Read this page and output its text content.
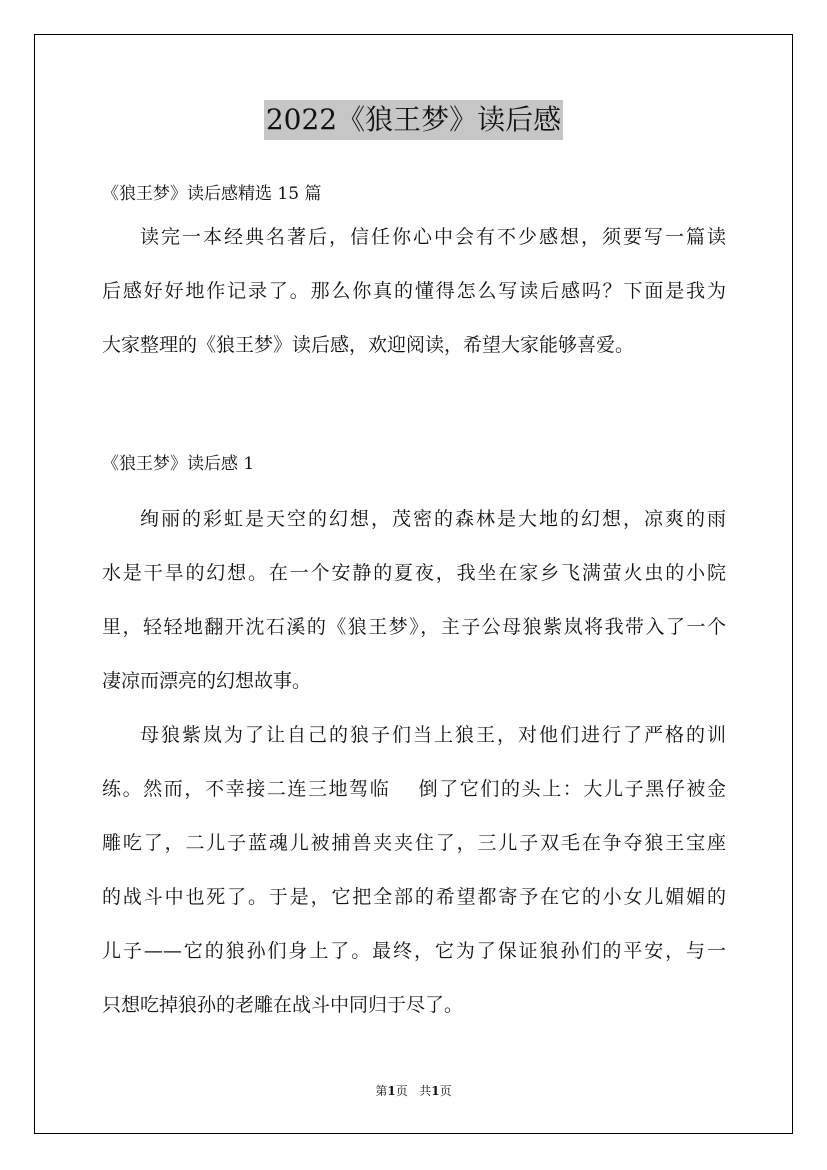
2022《狼王梦》读后感
《狼王梦》读后感精选 15 篇

读完一本经典名著后，信任你心中会有不少感想，须要写一篇读
后感好好地作记录了。那么你真的懂得怎么写读后感吗？下面是我为
大家整理的《狼王梦》读后感，欢迎阅读，希望大家能够喜爱。

《狼王梦》读后感 1

绚丽的彩虹是天空的幻想，茂密的森林是大地的幻想，凉爽的雨
水是干旱的幻想。在一个安静的夏夜，我坐在家乡飞满萤火虫的小院
里，轻轻地翻开沈石溪的《狼王梦》，主子公母狼紫岚将我带入了一个
凄凉而漂亮的幻想故事。

母狼紫岚为了让自己的狼子们当上狼王，对他们进行了严格的训
练。然而，不幸接二连三地驾临　 倒了它们的头上：大儿子黑仔被金
雕吃了，二儿子蓝魂儿被捕兽夹夹住了，三儿子双毛在争夺狼王宝座
的战斗中也死了。于是，它把全部的希望都寄予在它的小女儿媚媚的
儿子——它的狼孙们身上了。最终，它为了保证狼孙们的平安，与一
只想吃掉狼孙的老雕在战斗中同归于尽了。

第1页 共1页
